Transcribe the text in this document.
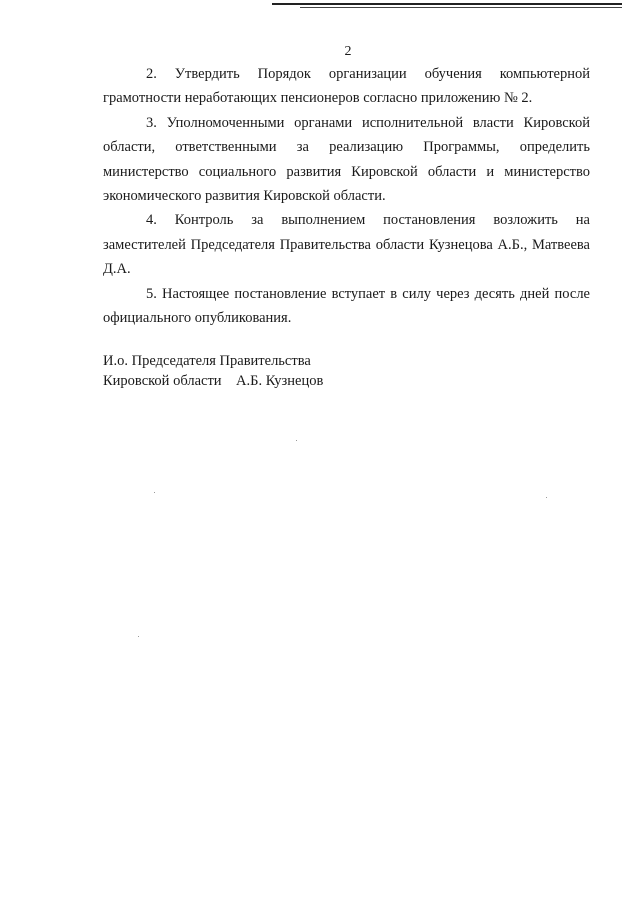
2

2. Утвердить Порядок организации обучения компьютерной грамотности неработающих пенсионеров согласно приложению № 2.

3. Уполномоченными органами исполнительной власти Кировской области, ответственными за реализацию Программы, определить министерство социального развития Кировской области и министерство экономического развития Кировской области.

4. Контроль за выполнением постановления возложить на заместителей Председателя Правительства области Кузнецова А.Б., Матвеева Д.А.

5. Настоящее постановление вступает в силу через десять дней после официального опубликования.

И.о. Председателя Правительства
Кировской области    А.Б. Кузнецов
